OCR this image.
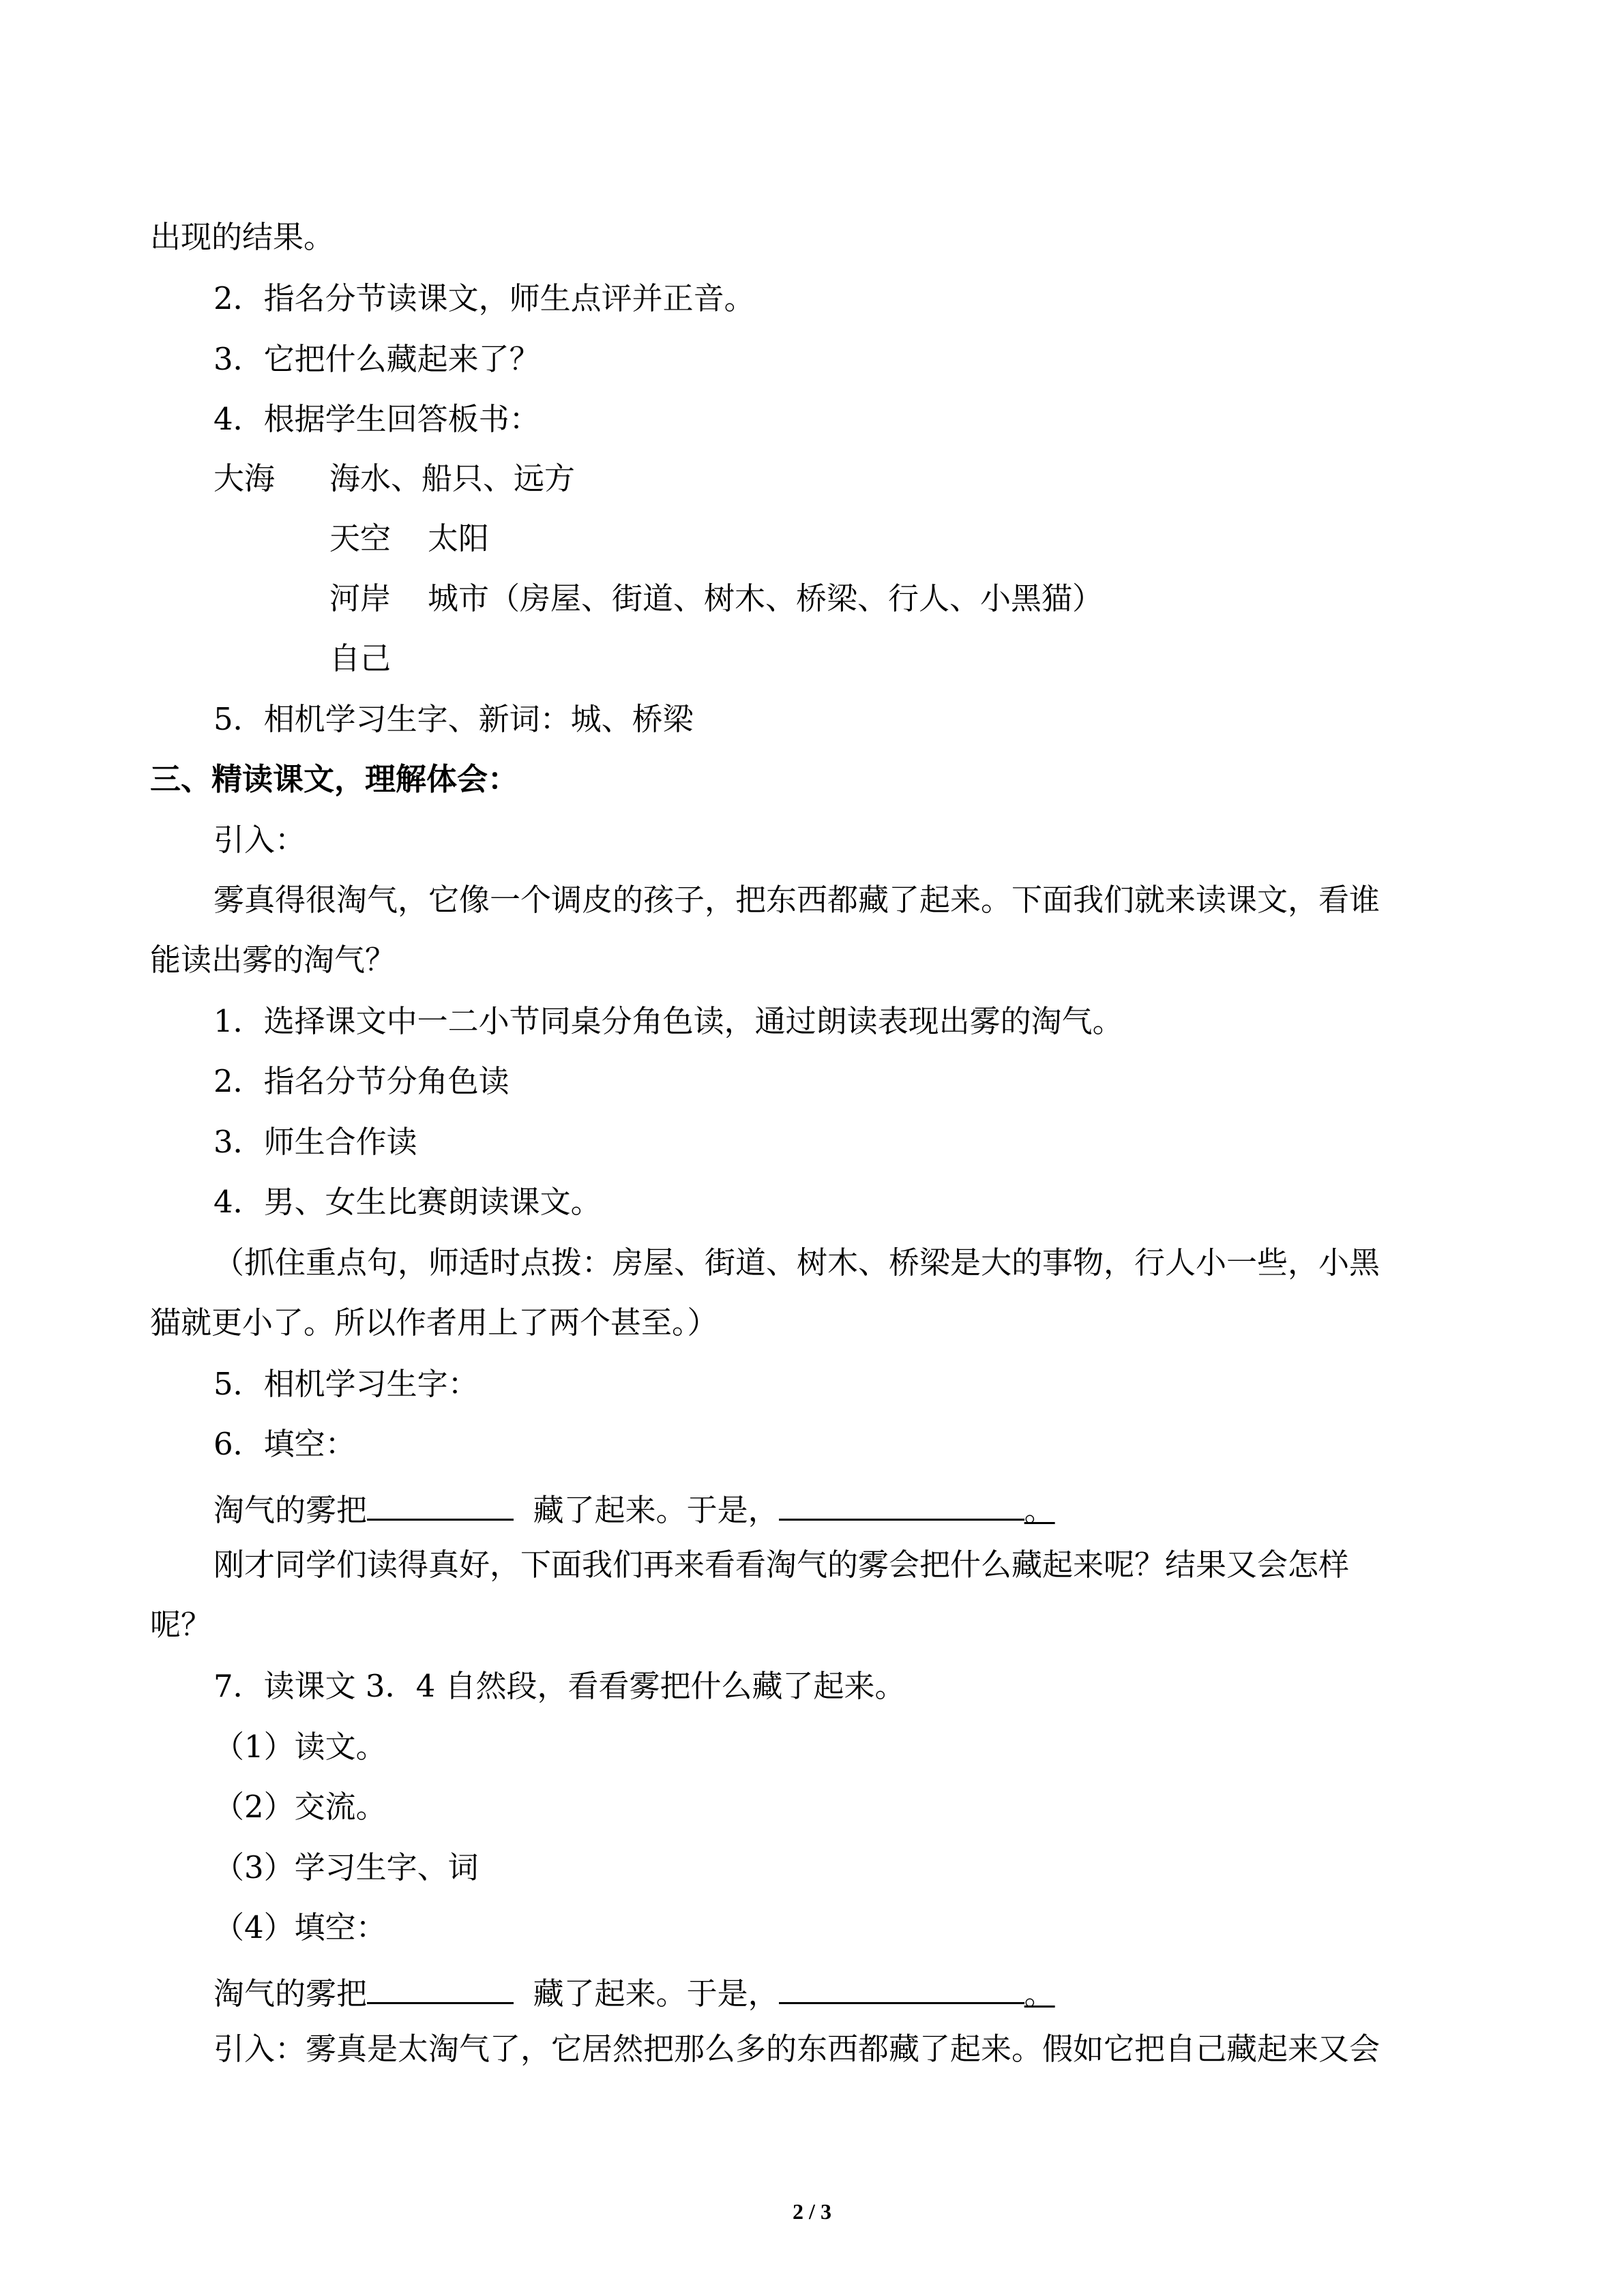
出现的结果。
2．指名分节读课文，师生点评并正音。
3．它把什么藏起来了？
4．根据学生回答板书：
大海 海水、船只、远方
天空 太阳
河岸 城市（房屋、街道、树木、桥梁、行人、小黑猫）
自己
5．相机学习生字、新词：城、桥梁
三、精读课文，理解体会：
引入：
雾真得很淘气，它像一个调皮的孩子，把东西都藏了起来。下面我们就来读课文，看谁
能读出雾的淘气？
1．选择课文中一二小节同桌分角色读，通过朗读表现出雾的淘气。
2．指名分节分角色读
3．师生合作读
4．男、女生比赛朗读课文。
（抓住重点句，师适时点拨：房屋、街道、树木、桥梁是大的事物，行人小一些，小黑
猫就更小了。所以作者用上了两个甚至。）
5．相机学习生字：
6．填空：
淘气的雾把	藏了起来。于是，	。
刚才同学们读得真好，下面我们再来看看淘气的雾会把什么藏起来呢？结果又会怎样
呢？
7．读课文 3．4 自然段，看看雾把什么藏了起来。
（1）读文。
（2）交流。
（3）学习生字、词
（4）填空：
淘气的雾把	藏了起来。于是，	。
引入：雾真是太淘气了，它居然把那么多的东西都藏了起来。假如它把自己藏起来又会
2 / 3
